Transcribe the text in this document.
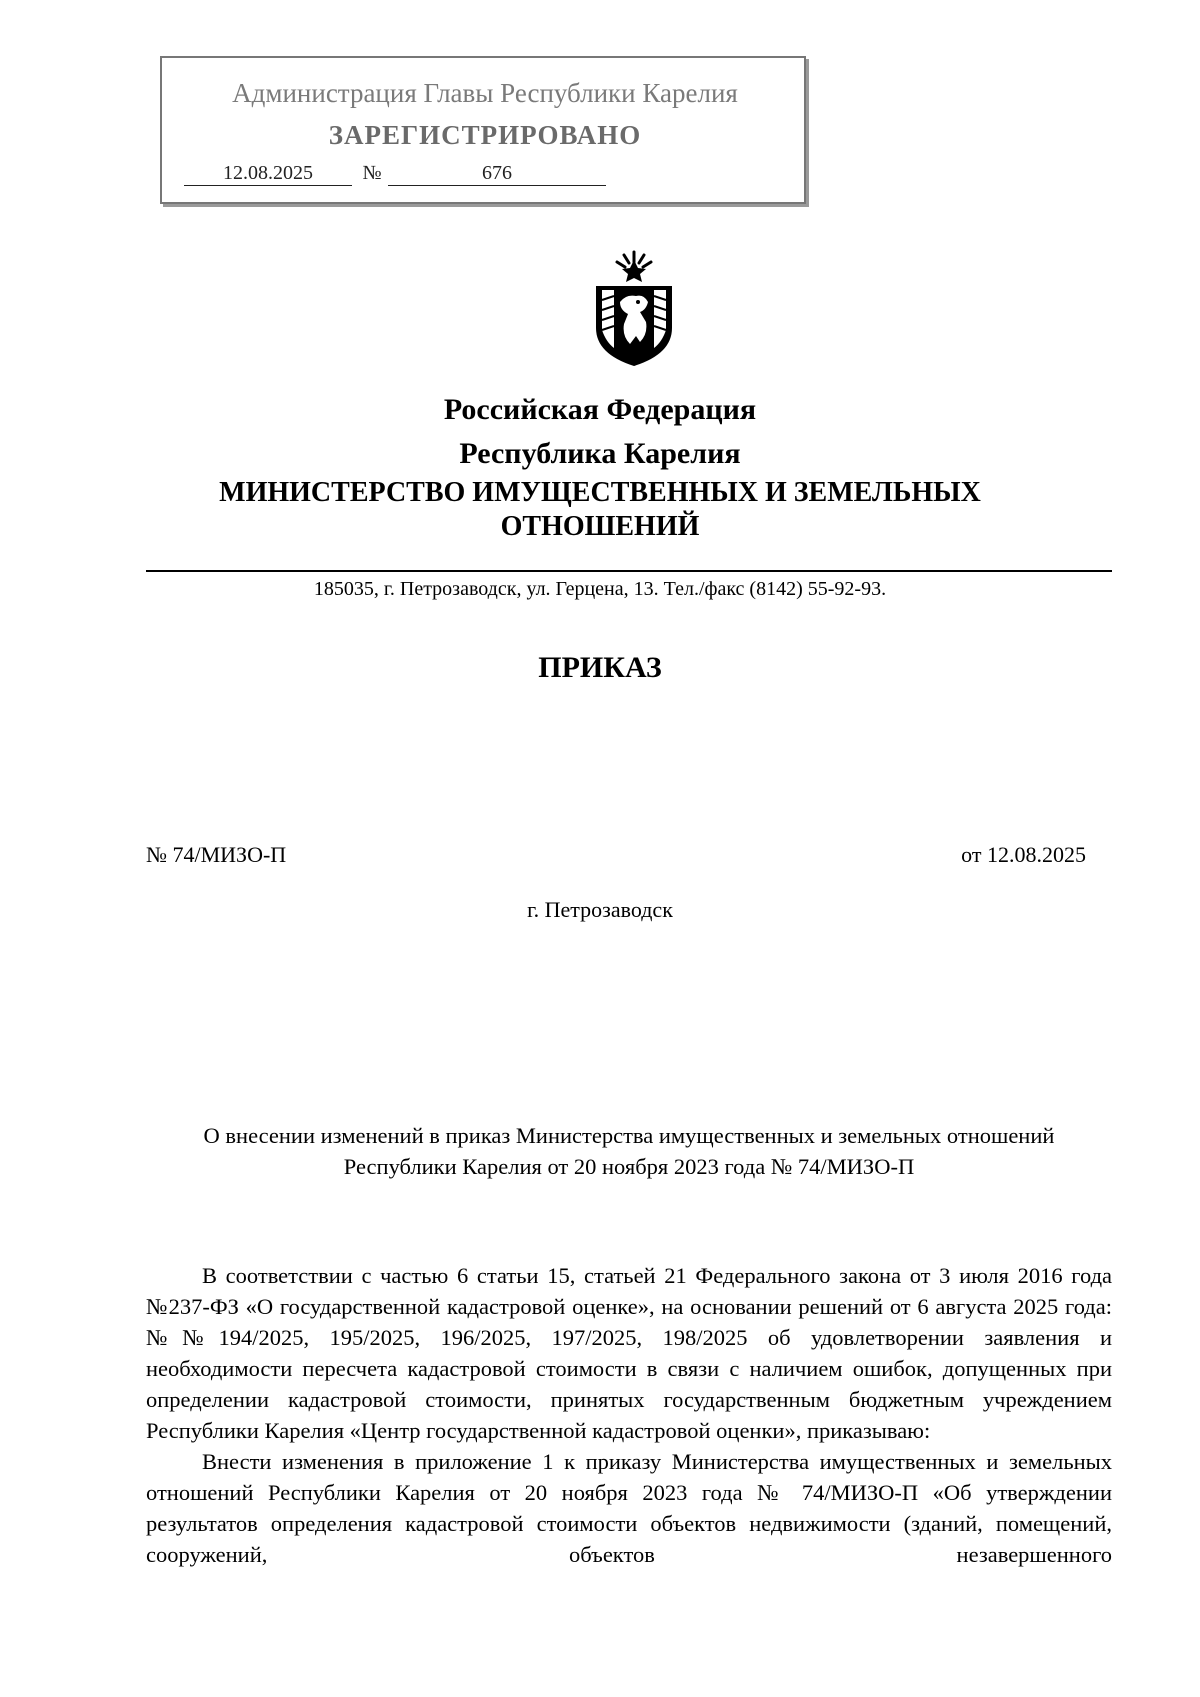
Администрация Главы Республики Карелия
ЗАРЕГИСТРИРОВАНО
12.08.2025	№	676
Российская Федерация
Республика Карелия
МИНИСТЕРСТВО ИМУЩЕСТВЕННЫХ И ЗЕМЕЛЬНЫХ
ОТНОШЕНИЙ
185035, г. Петрозаводск, ул. Герцена, 13. Тел./факс (8142) 55-92-93.
ПРИКАЗ
№ 74/МИЗО-П	от 12.08.2025
г. Петрозаводск
О внесении изменений в приказ Министерства имущественных и земельных отношений Республики Карелия от 20 ноября 2023 года № 74/МИЗО-П

В соответствии с частью 6 статьи 15, статьей 21 Федерального закона от 3 июля 2016 года №237-ФЗ «О государственной кадастровой оценке», на основании решений от 6 августа 2025 года: №№194/2025, 195/2025, 196/2025, 197/2025, 198/2025 об удовлетворении заявления и необходимости пересчета кадастровой стоимости в связи с наличием ошибок, допущенных при определении кадастровой стоимости, принятых государственным бюджетным учреждением Республики Карелия «Центр государственной кадастровой оценки», приказываю:

Внести изменения в приложение 1 к приказу Министерства имущественных и земельных отношений Республики Карелия от 20 ноября 2023 года № 74/МИЗО-П «Об утверждении результатов определения кадастровой стоимости объектов недвижимости (зданий, помещений, сооружений, объектов незавершенного
